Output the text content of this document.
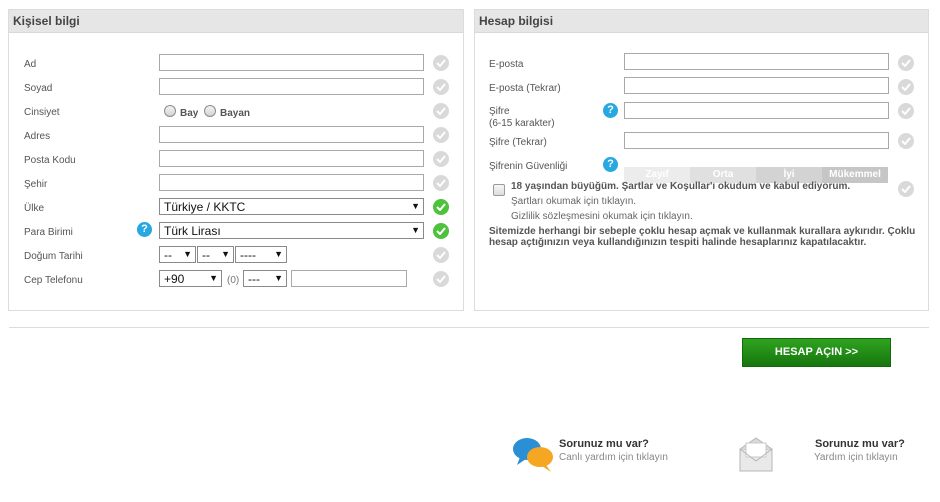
Kişisel bilgi
Ad
Soyad
Cinsiyet	Bay Bayan
Adres
Posta Kodu
Şehir
Ülke	Türkiye / KKTC	▼
Para Birimi	?	Türk Lirası	▼
Doğum Tarihi	-- ▼ -- ▼ ---- ▼
Cep Telefonu	+90	▼ (0) --- ▼
Hesap bilgisi
E-posta
E-posta (Tekrar)
Şifre
(6-15 karakter)
?
Şifre (Tekrar)
Şifrenin Güvenliği	?
Zayıf	Orta	İyi	Mükemmel
18 yaşından büyüğüm. Şartlar ve Koşullar'ı okudum ve kabul ediyorum.
Şartları okumak için tıklayın.
Gizlilik sözleşmesini okumak için tıklayın.
Sitemizde herhangi bir sebeple çoklu hesap açmak ve kullanmak kurallara aykırıdır. Çoklu hesap açtığınızın veya kullandığınızın tespiti halinde hesaplarınız kapatılacaktır.
HESAP AÇIN >>
Sorunuz mu var?
Canlı yardım için tıklayın
Sorunuz mu var?
Yardım için tıklayın
